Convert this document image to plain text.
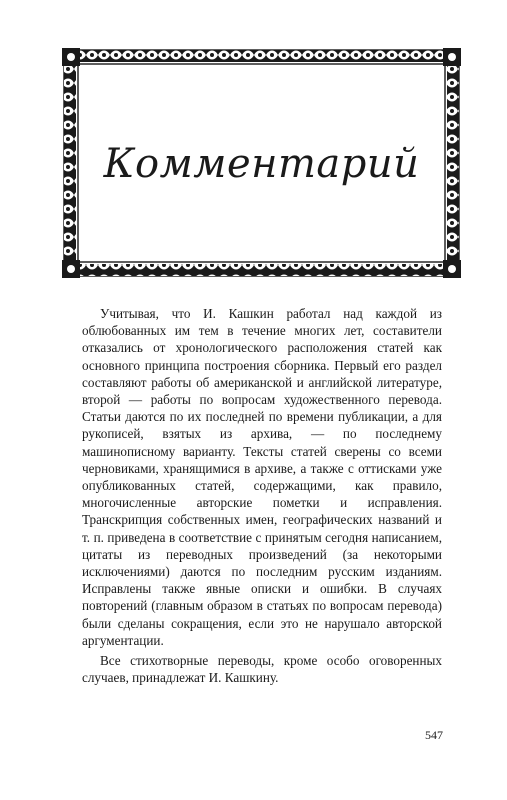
Комментарий

Учитывая, что И. Кашкин работал над каждой из облюбованных им тем в течение многих лет, составители отказались от хронологического расположения статей как основного принципа построения сборника. Первый его раздел составляют работы об американской и английской литературе, второй — работы по вопросам художественного перевода. Статьи даются по их последней по времени публикации, а для рукописей, взятых из архива, — по последнему машинописному варианту. Тексты статей сверены со всеми черновиками, хранящимися в архиве, а также с оттисками уже опубликованных статей, содержащими, как правило, многочисленные авторские пометки и исправления. Транскрипция собственных имен, географических названий и т. п. приведена в соответствие с принятым сегодня написанием, цитаты из переводных произведений (за некоторыми исключениями) даются по последним русским изданиям. Исправлены также явные описки и ошибки. В случаях повторений (главным образом в статьях по вопросам перевода) были сделаны сокращения, если это не нарушало авторской аргументации.

Все стихотворные переводы, кроме особо оговоренных случаев, принадлежат И. Кашкину.

547
